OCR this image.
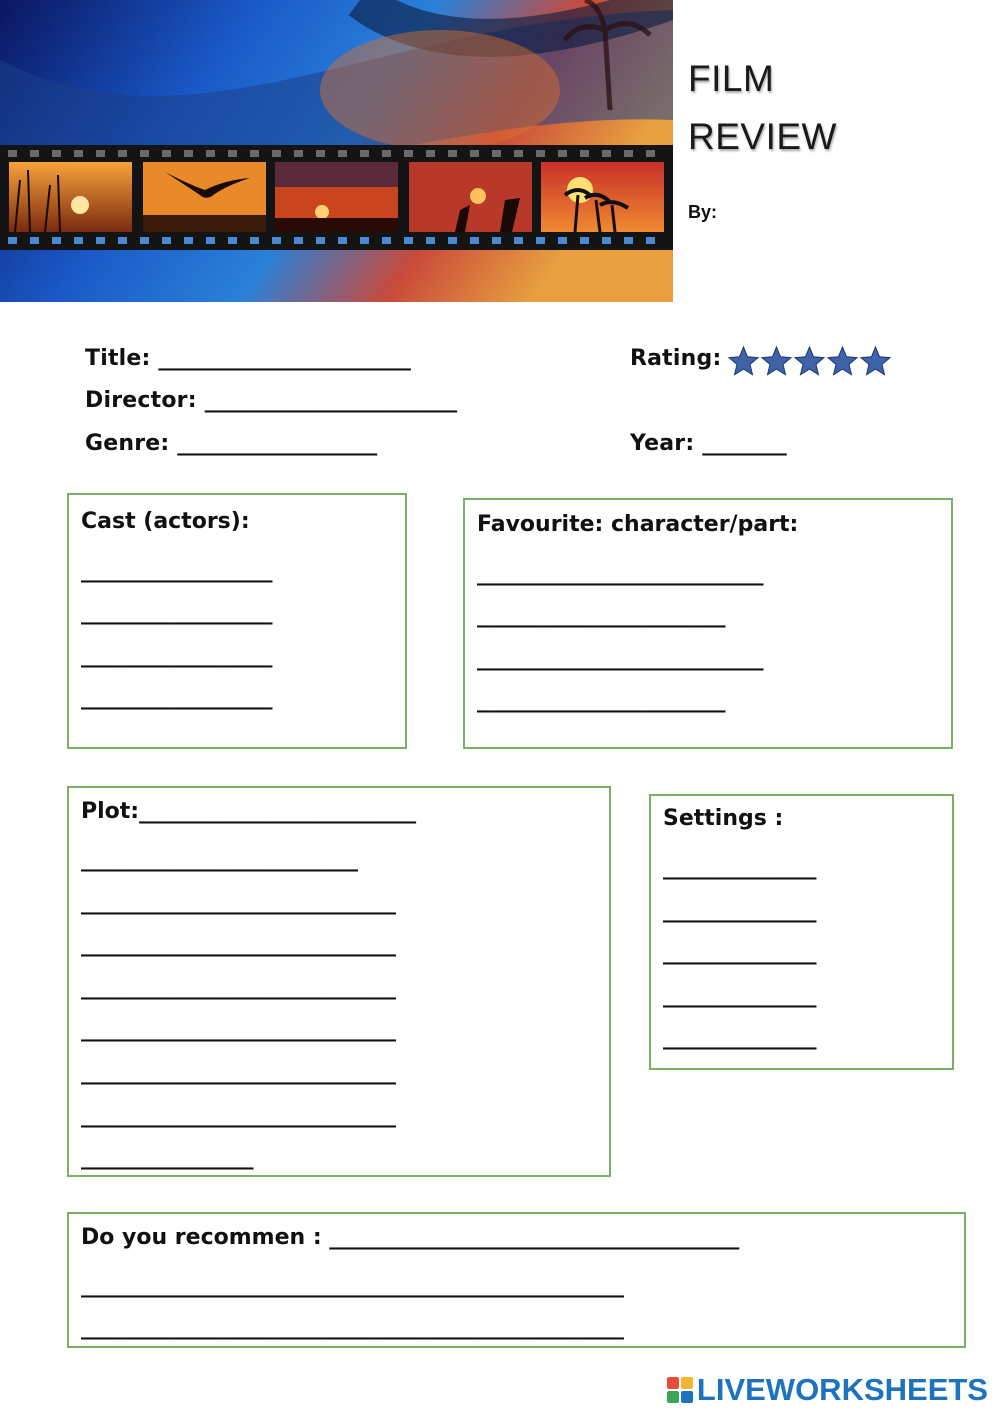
FILM
REVIEW
By:
Title: ________________________
Director: ________________________
Genre: ___________________
Rating:
Year: ________
Cast (actors):
____________________
____________________
____________________
____________________
Favourite: character/part:
______________________________
__________________________
______________________________
__________________________
Plot:_____________________________
_____________________________
_________________________________
_________________________________
_________________________________
_________________________________
_________________________________
_________________________________
__________________
Settings :
________________
________________
________________
________________
________________
Do you recommen : ___________________________________________
_________________________________________________________
_________________________________________________________
LIVEWORKSHEETS
